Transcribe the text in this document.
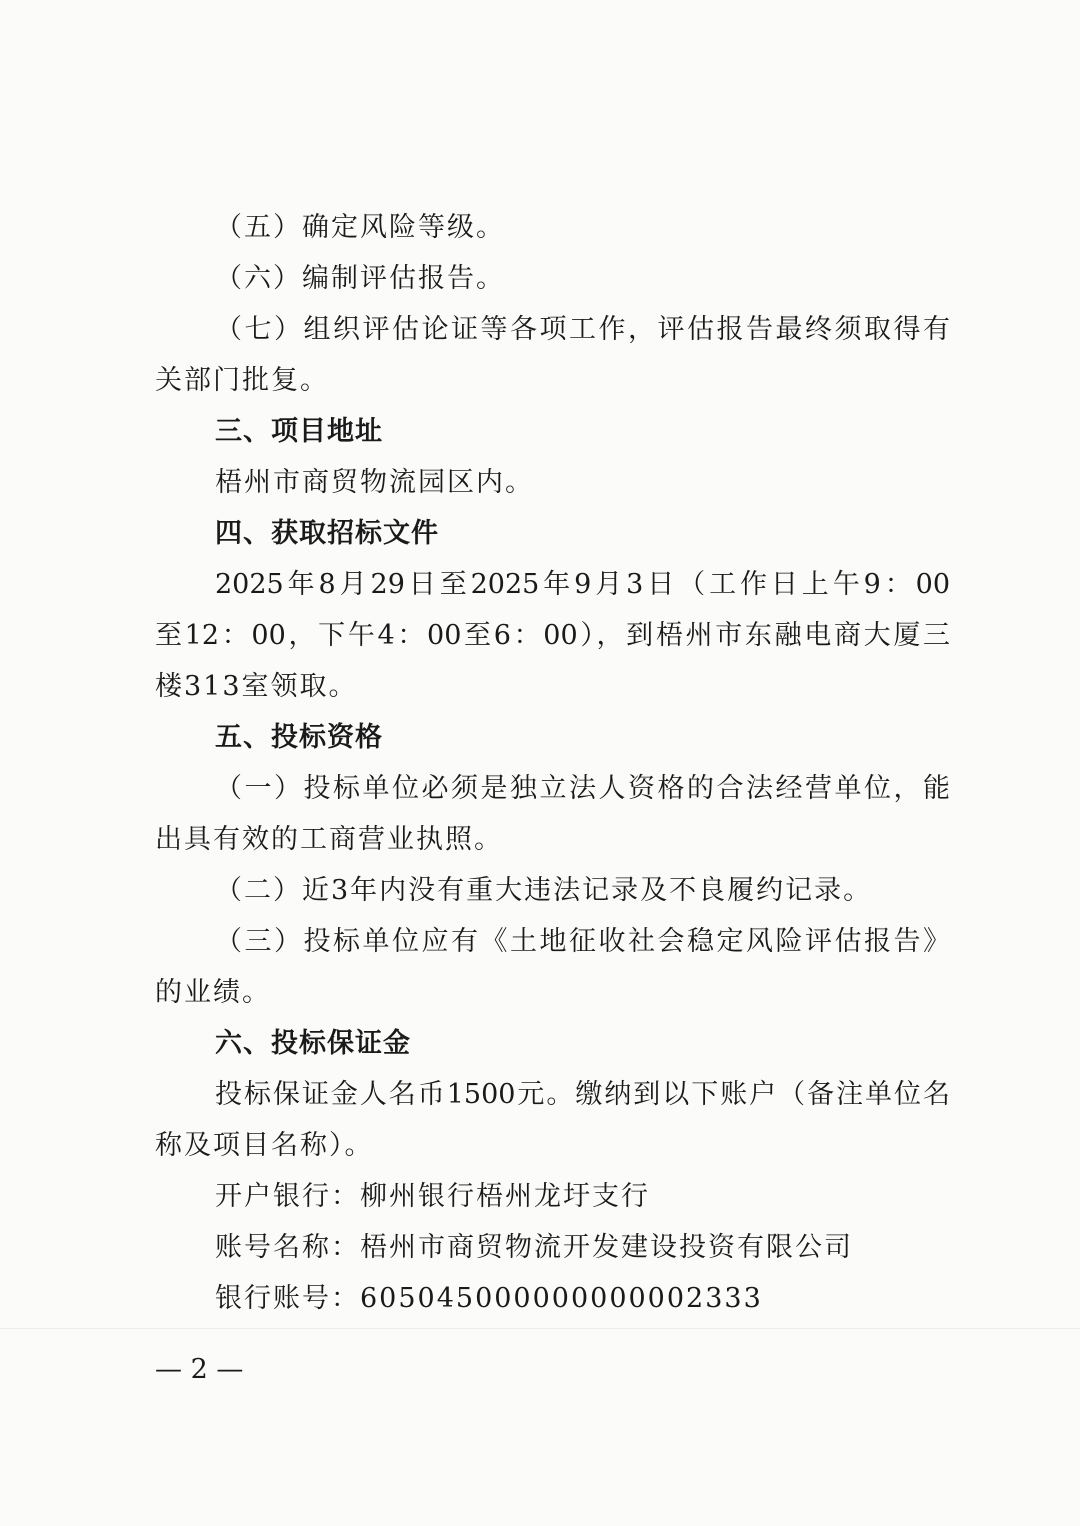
（五）确定风险等级。
（六）编制评估报告。
（七）组织评估论证等各项工作，评估报告最终须取得有
关部门批复。
三、项目地址
梧州市商贸物流园区内。
四、获取招标文件
2025年8月29日至2025年9月3日（工作日上午9：00
至12：00，下午4：00至6：00），到梧州市东融电商大厦三
楼313室领取。
五、投标资格
（一）投标单位必须是独立法人资格的合法经营单位，能
出具有效的工商营业执照。
（二）近3年内没有重大违法记录及不良履约记录。
（三）投标单位应有《土地征收社会稳定风险评估报告》
的业绩。
六、投标保证金
投标保证金人名币1500元。缴纳到以下账户（备注单位名
称及项目名称）。
开户银行：柳州银行梧州龙圩支行
账号名称：梧州市商贸物流开发建设投资有限公司
银行账号：605045000000000002333
— 2 —
